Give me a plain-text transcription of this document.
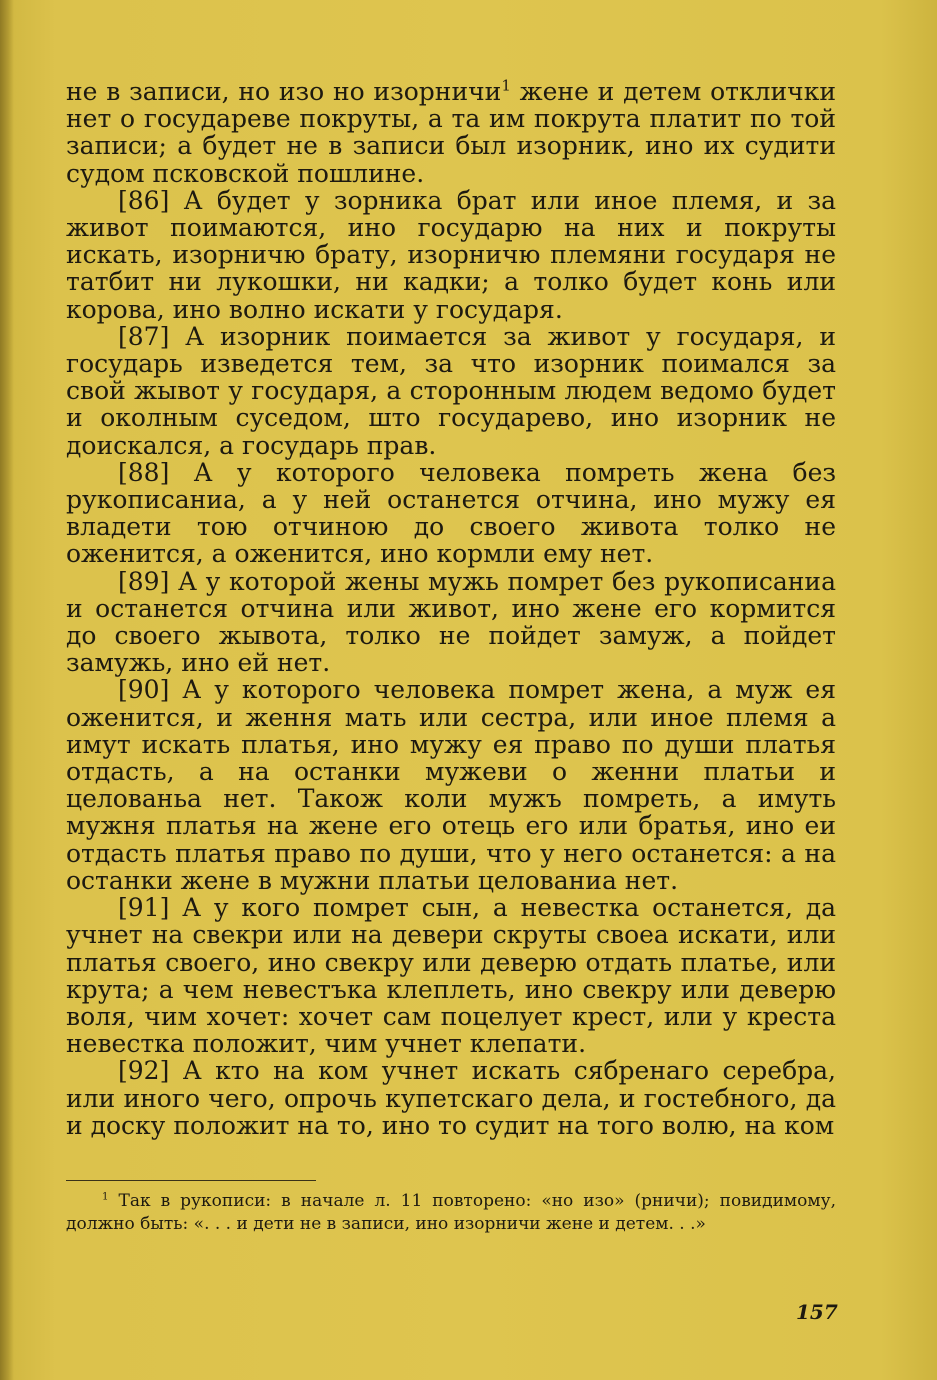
не в записи, но изо но изорничи$^1$ жене и детем отклички нет о государеве покруты, а та им покрута платит по той записи; а будет не в записи был изорник, ино их судити судом псковской пошлине.

[86] А будет у зорника брат или иное племя, и за живот поимаются, ино государю на них и покруты искать, изорничю брату, изорничю племяни государя не татбит ни лукошки, ни кадки; а толко будет конь или корова, ино волно искати у государя.

[87] А изорник поимается за живот у государя, и государь изведется тем, за что изорник поимался за свой жывот у государя, а сторонным людем ведомо будет и околным суседом, што государево, ино изорник не доискался, а государь прав.

[88] А у которого человека помреть жена без рукописаниа, а у ней останется отчина, ино мужу ея владети тою отчиною до своего живота толко не оженится, а оженится, ино кормли ему нет.

[89] А у которой жены мужь помрет без рукописаниа и останется отчина или живот, ино жене его кормится до своего жывота, толко не пойдет замуж, а пойдет замужь, ино ей нет.

[90] А у которого человека помрет жена, а муж ея оженится, и ження мать или сестра, или иное племя а имут искать платья, ино мужу ея право по души платья отдасть, а на останки мужеви о женни платьи и целованьа нет. Також коли мужъ помреть, а имуть мужня платья на жене его отець его или братья, ино еи отдасть платья право по души, что у него останется: а на останки жене в мужни платьи целованиа нет.

[91] А у кого помрет сын, а невестка останется, да учнет на свекри или на девери скруты своеа искати, или платья своего, ино свекру или деверю отдать платье, или крута; а чем невестъка клеплеть, ино свекру или деверю воля, чим хочет: хочет сам поцелует крест, или у креста невестка положит, чим учнет клепати.

[92] А кто на ком учнет искать сябренаго серебра, или иного чего, опрочь купетскаго дела, и гостебного, да и доску положит на то, ино то судит на того волю, на ком

$^1$ Так в рукописи: в начале л. 11 повторено: «но изо» (рничи); повидимому, должно быть: «. . . и дети не в записи, ино изорничи жене и детем. . .»

157
